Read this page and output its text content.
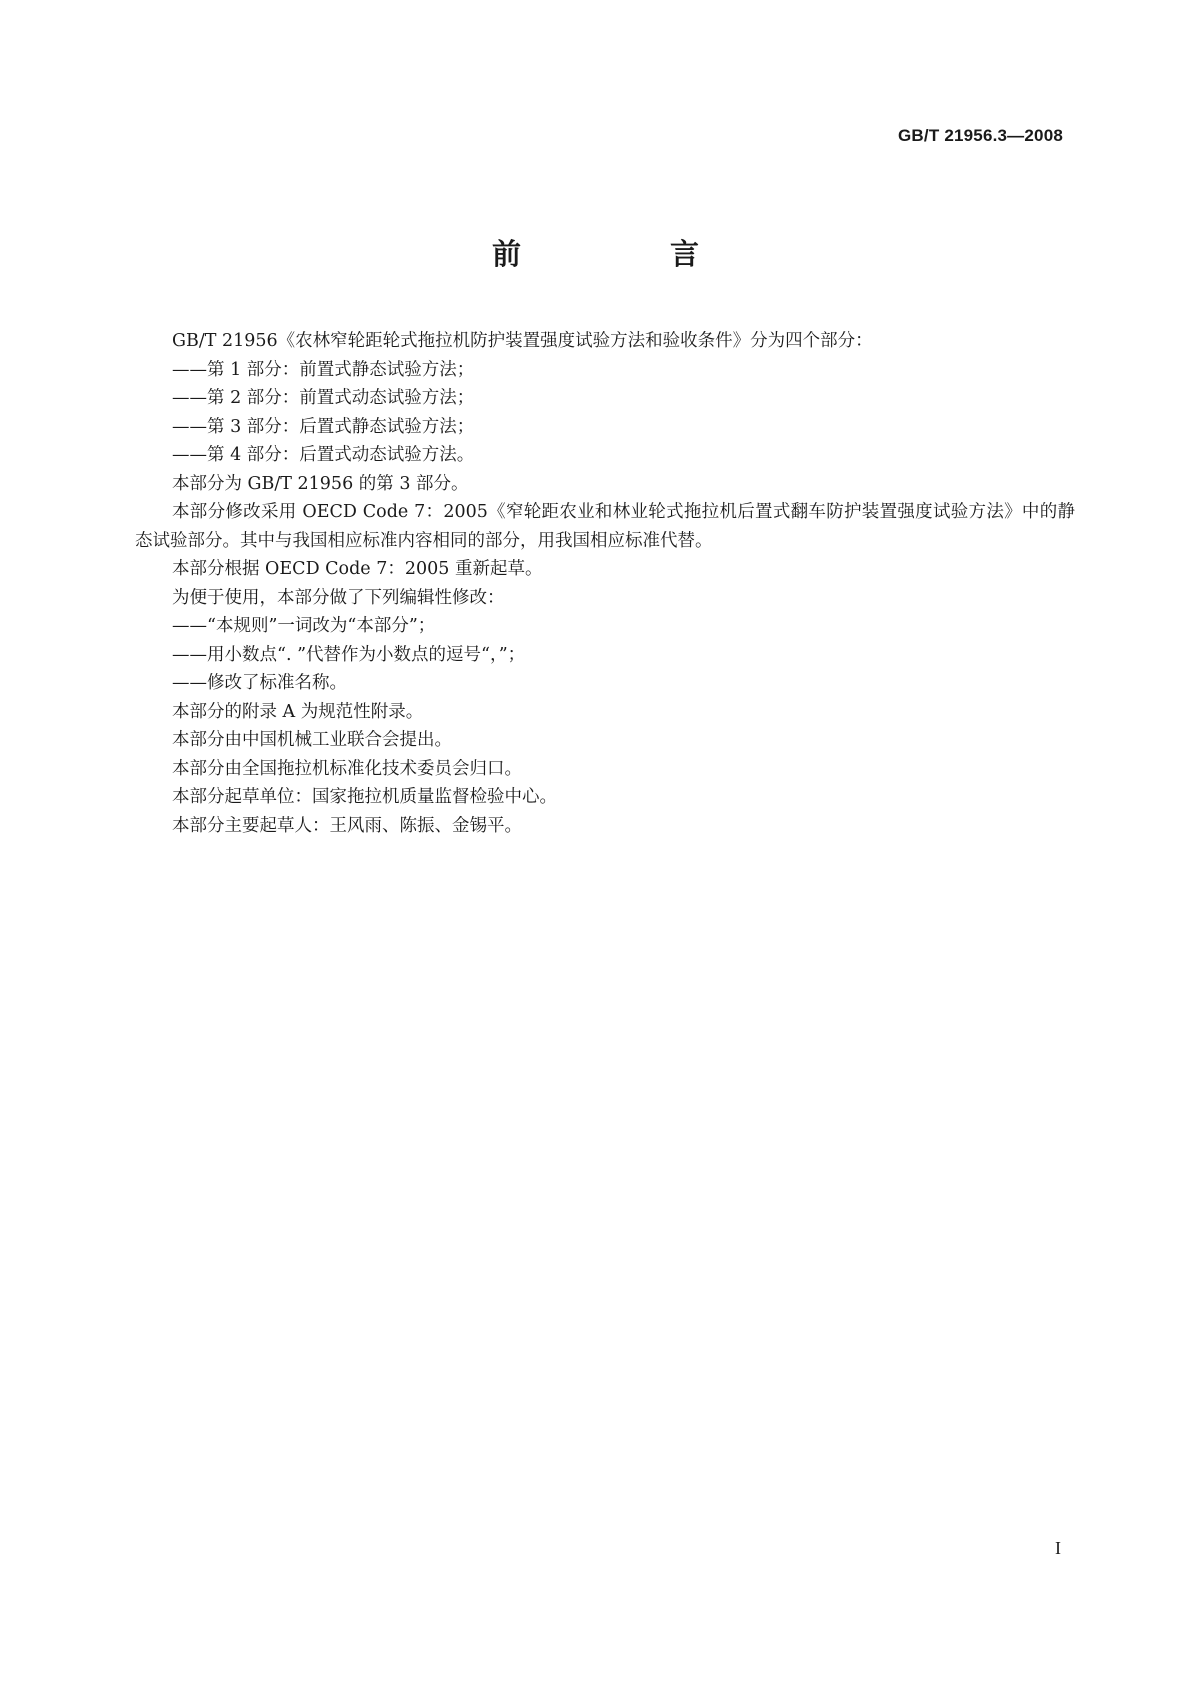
GB/T 21956.3—2008
前　言

GB/T 21956《农林窄轮距轮式拖拉机防护装置强度试验方法和验收条件》分为四个部分：

——第 1 部分：前置式静态试验方法；

——第 2 部分：前置式动态试验方法；

——第 3 部分：后置式静态试验方法；

——第 4 部分：后置式动态试验方法。

本部分为 GB/T 21956 的第 3 部分。

本部分修改采用 OECD Code 7：2005《窄轮距农业和林业轮式拖拉机后置式翻车防护装置强度试验方法》中的静态试验部分。其中与我国相应标准内容相同的部分，用我国相应标准代替。

本部分根据 OECD Code 7：2005 重新起草。

为便于使用，本部分做了下列编辑性修改：

——“本规则”一词改为“本部分”；

——用小数点“. ”代替作为小数点的逗号“，”；

——修改了标准名称。

本部分的附录 A 为规范性附录。

本部分由中国机械工业联合会提出。

本部分由全国拖拉机标准化技术委员会归口。

本部分起草单位：国家拖拉机质量监督检验中心。

本部分主要起草人：王风雨、陈振、金锡平。

I
